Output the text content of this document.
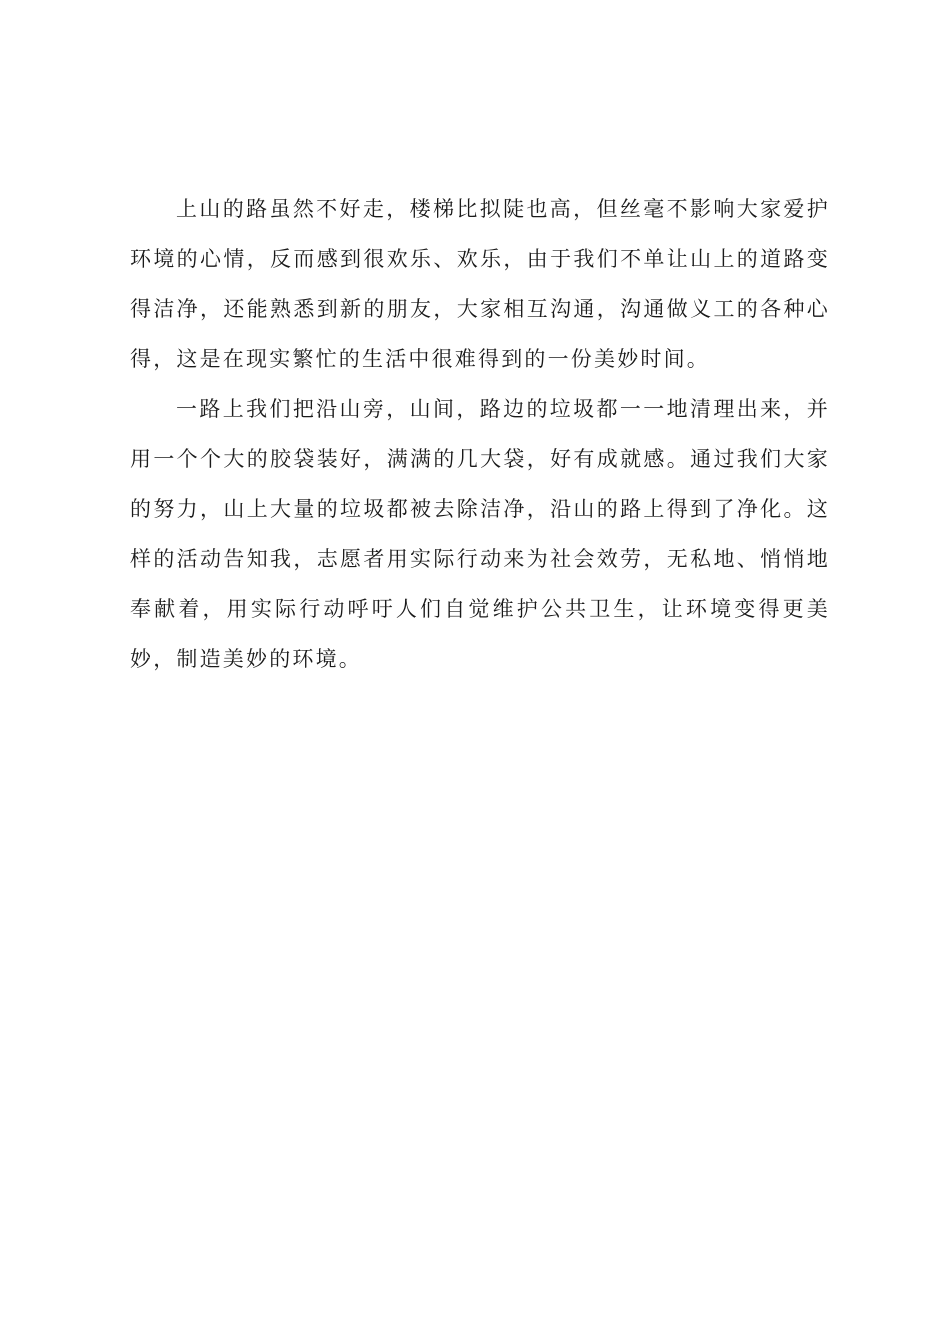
上山的路虽然不好走，楼梯比拟陡也高，但丝毫不影响大家爱护环境的心情，反而感到很欢乐、欢乐，由于我们不单让山上的道路变得洁净，还能熟悉到新的朋友，大家相互沟通，沟通做义工的各种心得，这是在现实繁忙的生活中很难得到的一份美妙时间。

一路上我们把沿山旁，山间，路边的垃圾都一一地清理出来，并用一个个大的胶袋装好，满满的几大袋，好有成就感。通过我们大家的努力，山上大量的垃圾都被去除洁净，沿山的路上得到了净化。这样的活动告知我，志愿者用实际行动来为社会效劳，无私地、悄悄地奉献着，用实际行动呼吁人们自觉维护公共卫生，让环境变得更美妙，制造美妙的环境。
